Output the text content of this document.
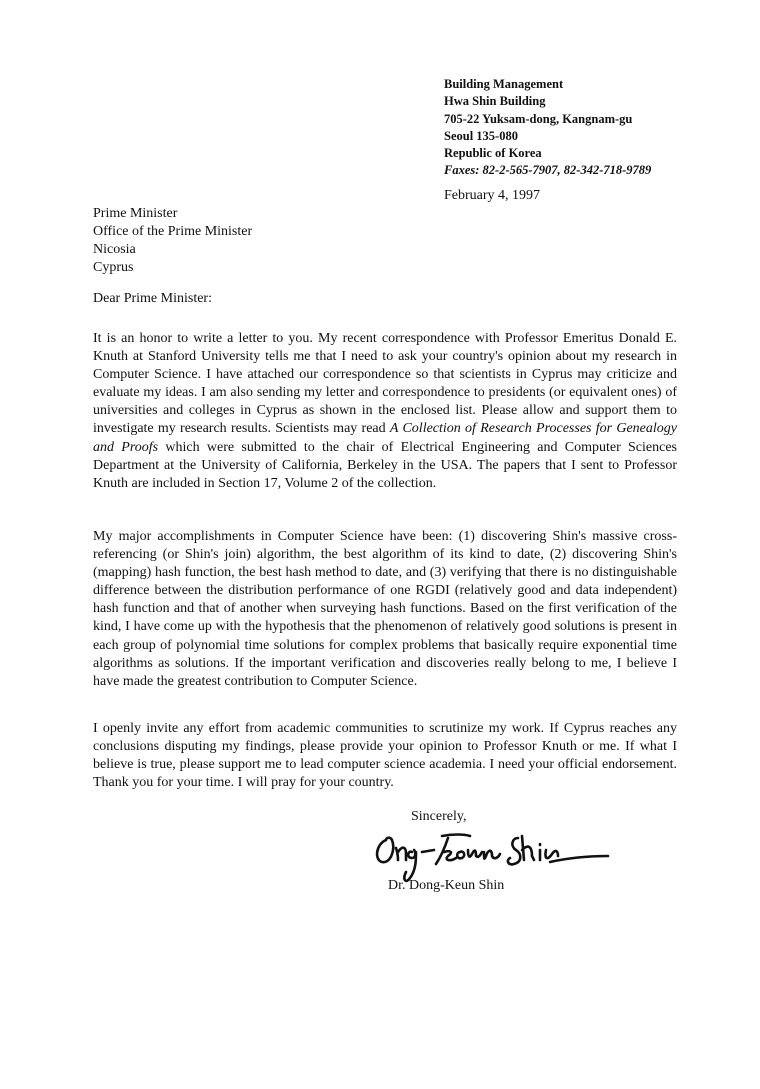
Building Management
Hwa Shin Building
705-22 Yuksam-dong, Kangnam-gu
Seoul 135-080
Republic of Korea
Faxes: 82-2-565-7907, 82-342-718-9789
February 4, 1997
Prime Minister
Office of the Prime Minister
Nicosia
Cyprus
Dear Prime Minister:

It is an honor to write a letter to you. My recent correspondence with Professor Emeritus Donald E. Knuth at Stanford University tells me that I need to ask your country's opinion about my research in Computer Science. I have attached our correspondence so that scientists in Cyprus may criticize and evaluate my ideas. I am also sending my letter and correspondence to presidents (or equivalent ones) of universities and colleges in Cyprus as shown in the enclosed list. Please allow and support them to investigate my research results. Scientists may read A Collection of Research Processes for Genealogy and Proofs which were submitted to the chair of Electrical Engineering and Computer Sciences Department at the University of California, Berkeley in the USA. The papers that I sent to Professor Knuth are included in Section 17, Volume 2 of the collection.

My major accomplishments in Computer Science have been: (1) discovering Shin's massive cross-referencing (or Shin's join) algorithm, the best algorithm of its kind to date, (2) discovering Shin's (mapping) hash function, the best hash method to date, and (3) verifying that there is no distinguishable difference between the distribution performance of one RGDI (relatively good and data independent) hash function and that of another when surveying hash functions. Based on the first verification of the kind, I have come up with the hypothesis that the phenomenon of relatively good solutions is present in each group of polynomial time solutions for complex problems that basically require exponential time algorithms as solutions. If the important verification and discoveries really belong to me, I believe I have made the greatest contribution to Computer Science.

I openly invite any effort from academic communities to scrutinize my work. If Cyprus reaches any conclusions disputing my findings, please provide your opinion to Professor Knuth or me. If what I believe is true, please support me to lead computer science academia. I need your official endorsement. Thank you for your time. I will pray for your country.

Sincerely,
Dr. Dong-Keun Shin
